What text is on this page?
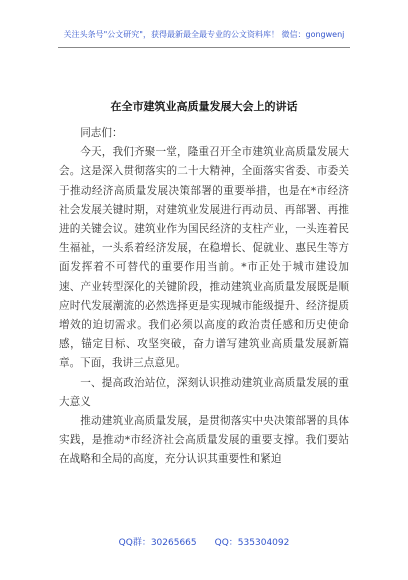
关注头条号"公文研究"，获得最新最全最专业的公文资料库！ 微信：gongwenj
在全市建筑业高质量发展大会上的讲话

同志们：

今天，我们齐聚一堂，隆重召开全市建筑业高质量发展大会。这是深入贯彻落实的二十大精神，全面落实省委、市委关于推动经济高质量发展决策部署的重要举措，也是在*市经济社会发展关键时期，对建筑业发展进行再动员、再部署、再推进的关键会议。建筑业作为国民经济的支柱产业，一头连着民生福祉，一头系着经济发展，在稳增长、促就业、惠民生等方面发挥着不可替代的重要作用当前。*市正处于城市建设加速、产业转型深化的关键阶段，推动建筑业高质量发展既是顺应时代发展潮流的必然选择更是实现城市能级提升、经济提质增效的迫切需求。我们必须以高度的政治责任感和历史使命感，锚定目标、攻坚突破，奋力谱写建筑业高质量发展新篇章。下面，我讲三点意见。

一、提高政治站位，深刻认识推动建筑业高质量发展的重大意义

推动建筑业高质量发展，是贯彻落实中央决策部署的具体实践，是推动*市经济社会高质量发展的重要支撑。我们要站在战略和全局的高度，充分认识其重要性和紧迫

QQ群：30265665 QQ：535304092
